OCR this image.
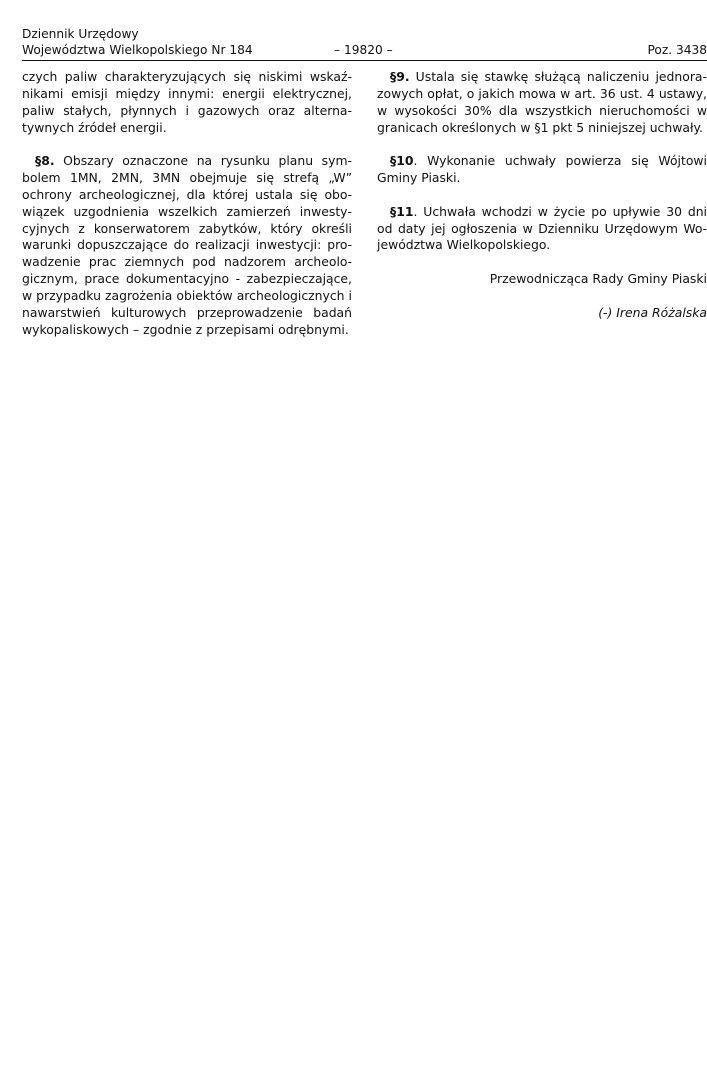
Dziennik Urzędowy
Województwa Wielkopolskiego Nr 184	– 19820 –	Poz. 3438

czych paliw charakteryzujących się niskimi wskaźnikami emisji między innymi: energii elektrycznej, paliw stałych, płynnych i gazowych oraz alternatywnych źródeł energii.

§8. Obszary oznaczone na rysunku planu symbolem 1MN, 2MN, 3MN obejmuje się strefą „W” ochrony archeologicznej, dla której ustala się obowiązek uzgodnienia wszelkich zamierzeń inwestycyjnych z konserwatorem zabytków, który określi warunki dopuszczające do realizacji inwestycji: prowadzenie prac ziemnych pod nadzorem archeologicznym, prace dokumentacyjno - zabezpieczające, w przypadku zagrożenia obiektów archeologicznych i nawarstwień kulturowych przeprowadzenie badań wykopaliskowych – zgodnie z przepisami odrębnymi.

§9. Ustala się stawkę służącą naliczeniu jednorazowych opłat, o jakich mowa w art. 36 ust. 4 ustawy, w wysokości 30% dla wszystkich nieruchomości w granicach określonych w §1 pkt 5 niniejszej uchwały.

§10. Wykonanie uchwały powierza się Wójtowi Gminy Piaski.

§11. Uchwała wchodzi w życie po upływie 30 dni od daty jej ogłoszenia w Dzienniku Urzędowym Województwa Wielkopolskiego.

Przewodnicząca Rady Gminy Piaski

(-) Irena Różalska
